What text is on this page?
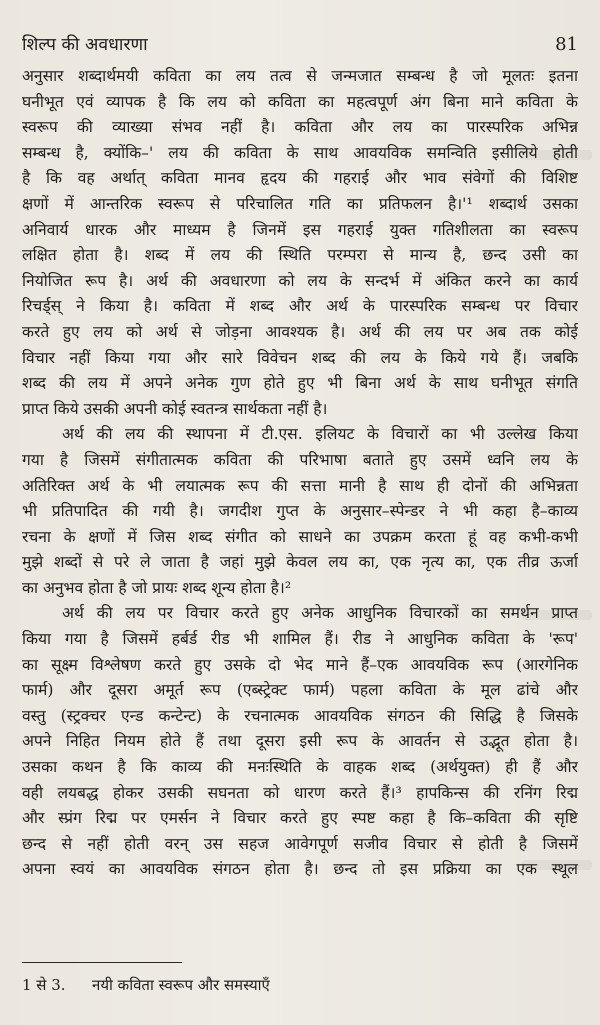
शिल्प की अवधारणा	81
अनुसार शब्दार्थमयी कविता का लय तत्व से जन्मजात सम्बन्ध है जो मूलतः इतना
घनीभूत एवं व्यापक है कि लय को कविता का महत्वपूर्ण अंग बिना माने कविता के
स्वरूप की व्याख्या संभव नहीं है। कविता और लय का पारस्परिक अभिन्न
सम्बन्ध है, क्योंकि–' लय की कविता के साथ आवयविक समन्विति इसीलिये होती
है कि वह अर्थात् कविता मानव हृदय की गहराई और भाव संवेगों की विशिष्ट
क्षणों में आन्तरिक स्वरूप से परिचालित गति का प्रतिफलन है।'¹ शब्दार्थ उसका
अनिवार्य धारक और माध्यम है जिनमें इस गहराई युक्त गतिशीलता का स्वरूप
लक्षित होता है। शब्द में लय की स्थिति परम्परा से मान्य है, छन्द उसी का
नियोजित रूप है। अर्थ की अवधारणा को लय के सन्दर्भ में अंकित करने का कार्य
रिचर्ड्स् ने किया है। कविता में शब्द और अर्थ के पारस्परिक सम्बन्ध पर विचार
करते हुए लय को अर्थ से जोड़ना आवश्यक है। अर्थ की लय पर अब तक कोई
विचार नहीं किया गया और सारे विवेचन शब्द की लय के किये गये हैं। जबकि
शब्द की लय में अपने अनेक गुण होते हुए भी बिना अर्थ के साथ घनीभूत संगति
प्राप्त किये उसकी अपनी कोई स्वतन्त्र सार्थकता नहीं है।
अर्थ की लय की स्थापना में टी.एस. इलियट के विचारों का भी उल्लेख किया
गया है जिसमें संगीतात्मक कविता की परिभाषा बताते हुए उसमें ध्वनि लय के
अतिरिक्त अर्थ के भी लयात्मक रूप की सत्ता मानी है साथ ही दोनों की अभिन्नता
भी प्रतिपादित की गयी है। जगदीश गुप्त के अनुसार–स्पेन्डर ने भी कहा है–काव्य
रचना के क्षणों में जिस शब्द संगीत को साधने का उपक्रम करता हूं वह कभी-कभी
मुझे शब्दों से परे ले जाता है जहां मुझे केवल लय का, एक नृत्य का, एक तीव्र ऊर्जा
का अनुभव होता है जो प्रायः शब्द शून्य होता है।²
अर्थ की लय पर विचार करते हुए अनेक आधुनिक विचारकों का समर्थन प्राप्त
किया गया है जिसमें हर्बर्ड रीड भी शामिल हैं। रीड ने आधुनिक कविता के 'रूप'
का सूक्ष्म विश्लेषण करते हुए उसके दो भेद माने हैं–एक आवयविक रूप (आरगेनिक
फार्म) और दूसरा अमूर्त रूप (एब्स्ट्रेक्ट फार्म) पहला कविता के मूल ढांचे और
वस्तु (स्ट्रक्चर एन्ड कन्टेन्ट) के रचनात्मक आवयविक संगठन की सिद्धि है जिसके
अपने निहित नियम होते हैं तथा दूसरा इसी रूप के आवर्तन से उद्भूत होता है।
उसका कथन है कि काव्य की मनःस्थिति के वाहक शब्द (अर्थयुक्त) ही हैं और
वही लयबद्ध होकर उसकी सघनता को धारण करते हैं।³ हापकिन्स की रनिंग रिद्म
और स्प्रंग रिद्म पर एमर्सन ने विचार करते हुए स्पष्ट कहा है कि–कविता की सृष्टि
छन्द से नहीं होती वरन् उस सहज आवेगपूर्ण सजीव विचार से होती है जिसमें
अपना स्वयं का आवयविक संगठन होता है। छन्द तो इस प्रक्रिया का एक स्थूल
1 से 3. नयी कविता स्वरूप और समस्याएँ
